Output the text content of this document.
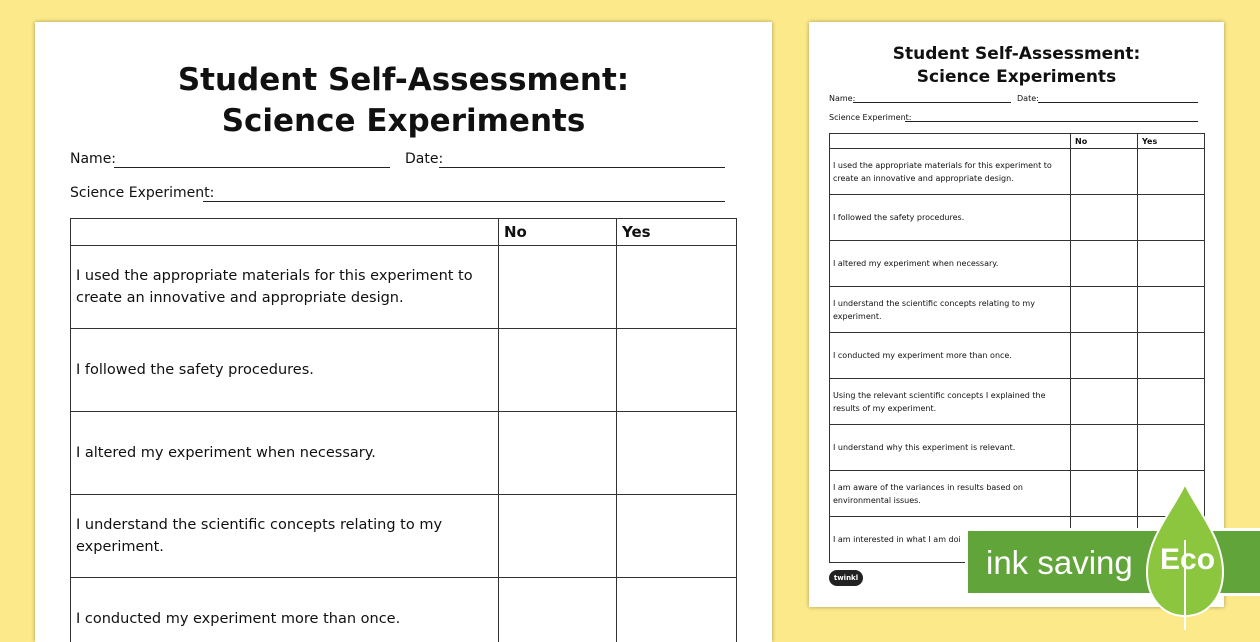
Student Self-Assessment:
Science Experiments
Name:	Date:
Science Experiment:
	No	Yes
I used the appropriate materials for this experiment to create an innovative and appropriate design.		
I followed the safety procedures.		
I altered my experiment when necessary.		
I understand the scientific concepts relating to my experiment.		
I conducted my experiment more than once.		
Student Self-Assessment:
Science Experiments
Name:	Date:
Science Experiment:
	No	Yes
I used the appropriate materials for this experiment to create an innovative and appropriate design.		
I followed the safety procedures.		
I altered my experiment when necessary.		
I understand the scientific concepts relating to my experiment.		
I conducted my experiment more than once.		
Using the relevant scientific concepts I explained the results of my experiment.		
I understand why this experiment is relevant.		
I am aware of the variances in results based on environmental issues.		
I am interested in what I am doi		
twinkl	ink saving Eco
